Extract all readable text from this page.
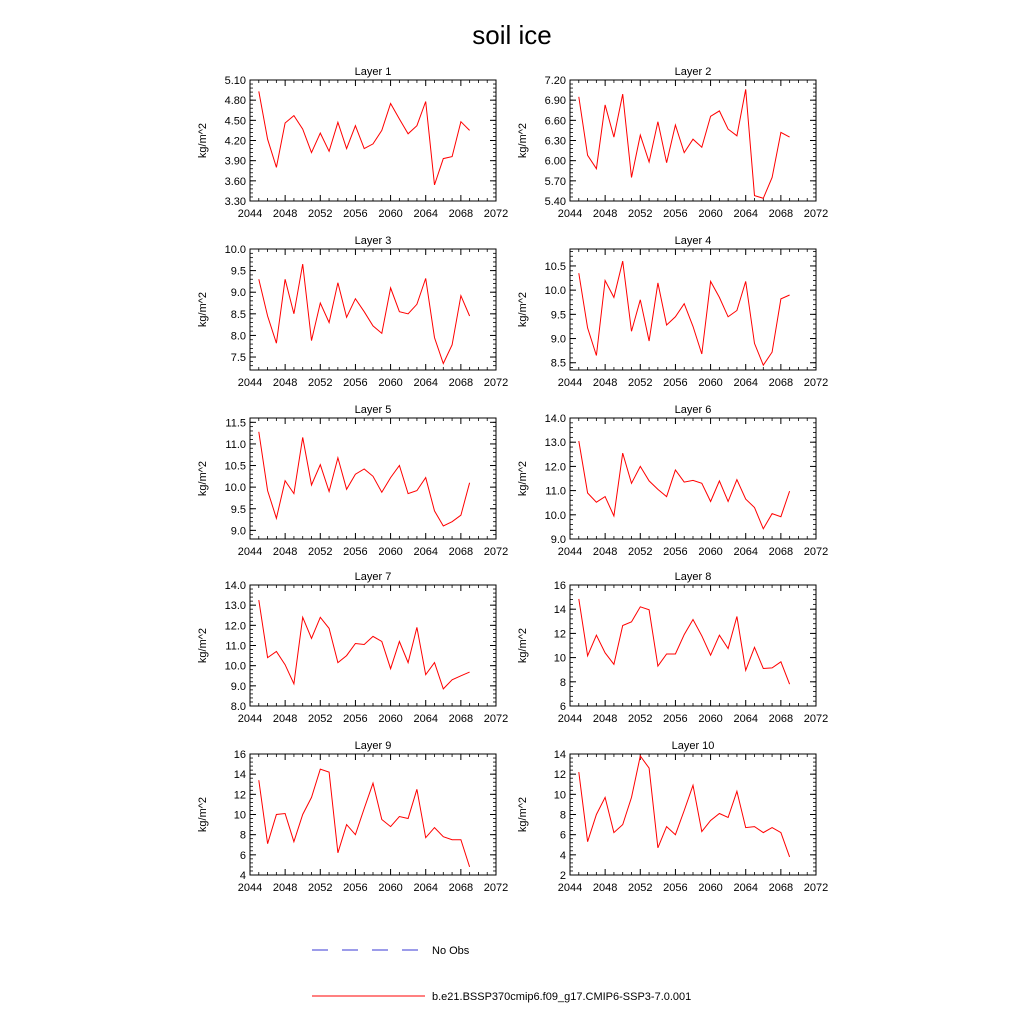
soil ice
Layer 1
kg/m^2
2044 2048 2052 2056 2060 2064 2068 2072
3.30
3.60
3.90
4.20
4.50
4.80
5.10
Layer 2
kg/m^2
2044 2048 2052 2056 2060 2064 2068 2072
5.40
5.70
6.00
6.30
6.60
6.90
7.20
Layer 3
kg/m^2
2044 2048 2052 2056 2060 2064 2068 2072
7.5
8.0
8.5
9.0
9.5
10.0
Layer 4
kg/m^2
2044 2048 2052 2056 2060 2064 2068 2072
8.5
9.0
9.5
10.0
10.5
Layer 5
kg/m^2
2044 2048 2052 2056 2060 2064 2068 2072
9.0
9.5
10.0
10.5
11.0
11.5
Layer 6
kg/m^2
2044 2048 2052 2056 2060 2064 2068 2072
9.0
10.0
11.0
12.0
13.0
14.0
Layer 7
kg/m^2
2044 2048 2052 2056 2060 2064 2068 2072
8.0
9.0
10.0
11.0
12.0
13.0
14.0
Layer 8
kg/m^2
2044 2048 2052 2056 2060 2064 2068 2072
6
8
10
12
14
16
Layer 9
kg/m^2
2044 2048 2052 2056 2060 2064 2068 2072
4
6
8
10
12
14
16
Layer 10
kg/m^2
2044 2048 2052 2056 2060 2064 2068 2072
2
4
6
8
10
12
14
No Obs
b.e21.BSSP370cmip6.f09_g17.CMIP6-SSP3-7.0.001
